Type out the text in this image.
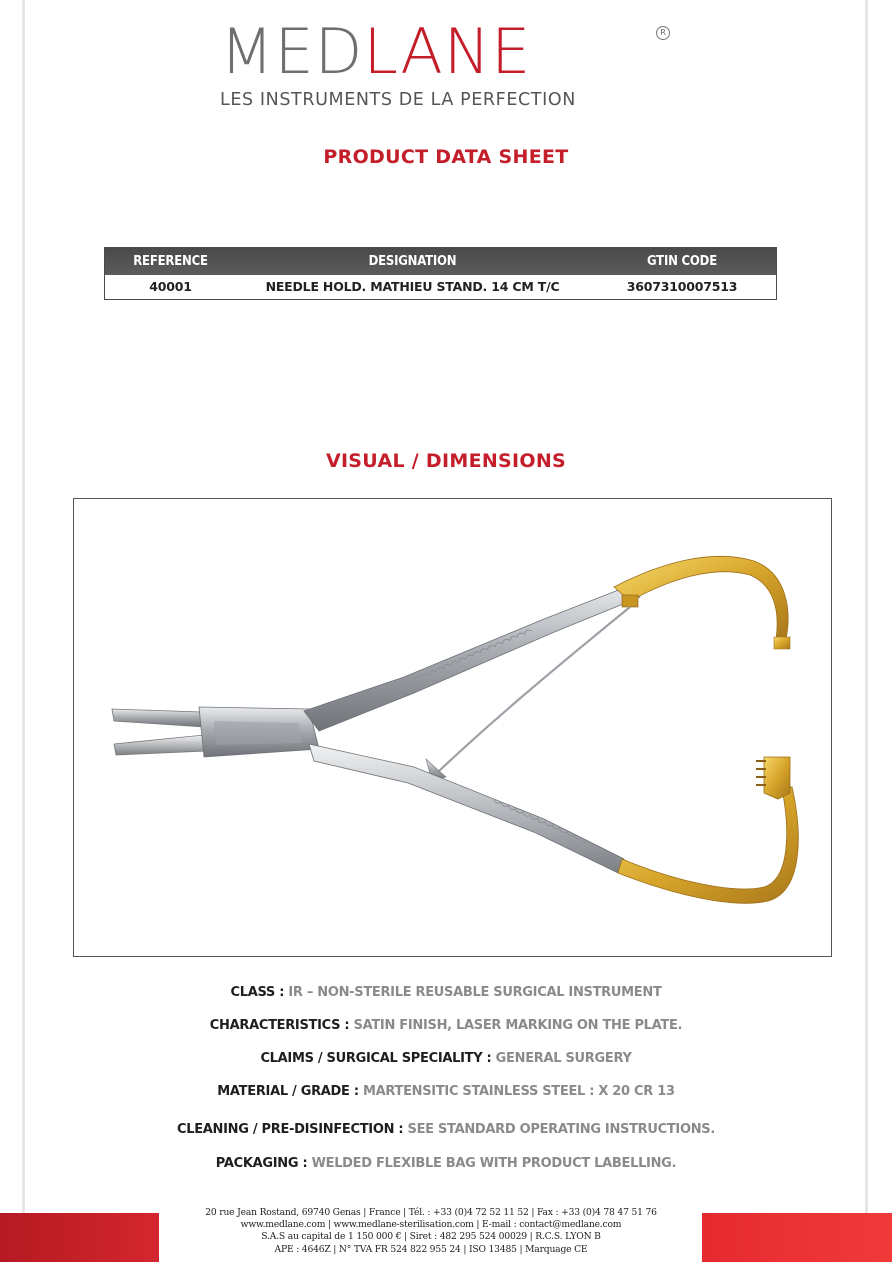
MEDLANE	R
LES INSTRUMENTS DE LA PERFECTION
PRODUCT DATA SHEET
REFERENCE	DESIGNATION	GTIN CODE
40001	NEEDLE HOLD. MATHIEU STAND. 14 CM T/C	3607310007513
VISUAL / DIMENSIONS
CLASS : IR – NON-STERILE REUSABLE SURGICAL INSTRUMENT
CHARACTERISTICS : SATIN FINISH, LASER MARKING ON THE PLATE.
CLAIMS / SURGICAL SPECIALITY : GENERAL SURGERY
MATERIAL / GRADE : MARTENSITIC STAINLESS STEEL : X 20 CR 13
CLEANING / PRE-DISINFECTION : SEE STANDARD OPERATING INSTRUCTIONS.
PACKAGING : WELDED FLEXIBLE BAG WITH PRODUCT LABELLING.
20 rue Jean Rostand, 69740 Genas | France | Tél. : +33 (0)4 72 52 11 52 | Fax : +33 (0)4 78 47 51 76
www.medlane.com | www.medlane-sterilisation.com | E-mail : contact@medlane.com
S.A.S au capital de 1 150 000 € | Siret : 482 295 524 00029 | R.C.S. LYON B
APE : 4646Z | N° TVA FR 524 822 955 24 | ISO 13485 | Marquage CE
